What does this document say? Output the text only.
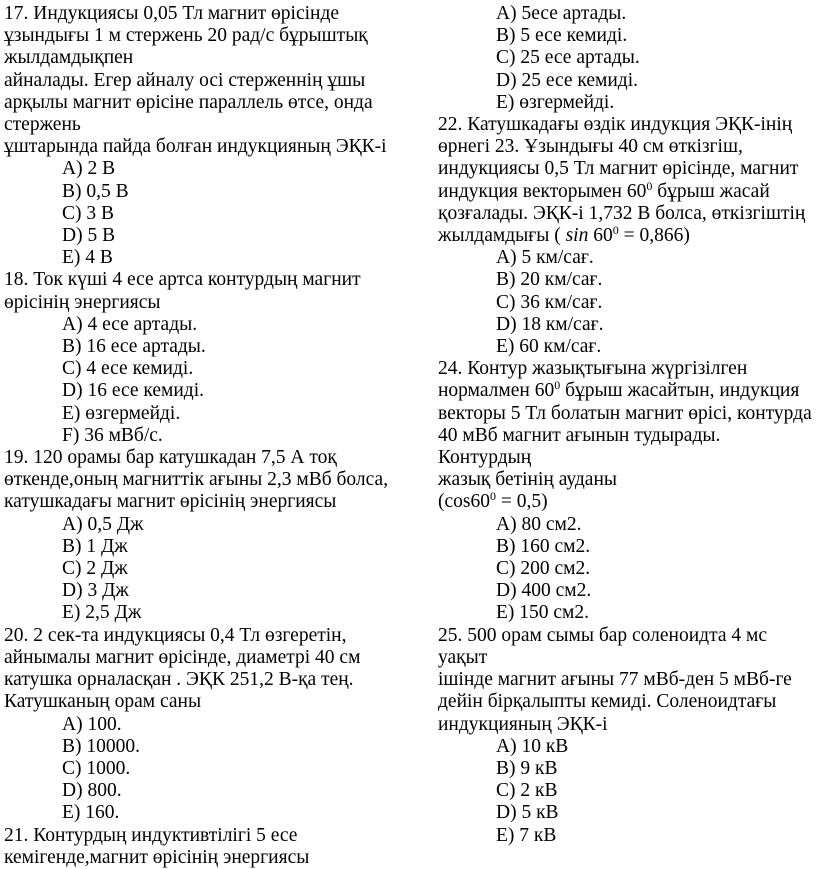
17. Индукциясы 0,05 Тл магнит өрісінде

ұзындығы 1 м стержень 20 рад/с бұрыштық

жылдамдықпен

айналады. Егер айналу осі стерженнің ұшы

арқылы магнит өрісіне параллель өтсе, онда

стержень

ұштарында пайда болған индукцияның ЭҚК-і

A) 2 В

B) 0,5 В

C) 3 В

D) 5 В

E) 4 В

18. Ток күші 4 есе артса контурдың магнит

өрісінің энергиясы

A) 4 есе артады.

B) 16 есе артады.

C) 4 есе кемиді.

D) 16 есе кемиді.

E) өзгермейді.

F) 36 мВб/с.

19. 120 орамы бар катушкадан 7,5 А тоқ

өткенде,оның магниттік ағыны 2,3 мВб болса,

катушкадағы магнит өрісінің энергиясы

A) 0,5 Дж

B) 1 Дж

C) 2 Дж

D) 3 Дж

E) 2,5 Дж

20. 2 сек-та индукциясы 0,4 Тл өзгеретін,

айнымалы магнит өрісінде, диаметрі 40 см

катушка орналасқан . ЭҚК 251,2 В-қа тең.

Катушканың орам саны

A) 100.

B) 10000.

C) 1000.

D) 800.

E) 160.

21. Контурдың индуктивтілігі 5 есе

кемігенде,магнит өрісінің энергиясы

A) 5есе артады.

B) 5 есе кемиді.

C) 25 есе артады.

D) 25 есе кемиді.

E) өзгермейді.

22. Катушкадағы өздік индукция ЭҚК-інің

өрнегі 23. Ұзындығы 40 см өткізгіш,

индукциясы 0,5 Тл магнит өрісінде, магнит

индукция векторымен $60^0$ бұрыш жасай

қозғалады. ЭҚК-і 1,732 В болса, өткізгіштің

жылдамдығы ( $\sin 60^0 = 0,866$)

A) 5 км/сағ.

B) 20 км/сағ.

C) 36 км/сағ.

D) 18 км/сағ.

E) 60 км/сағ.

24. Контур жазықтығына жүргізілген

нормалмен $60^0$ бұрыш жасайтын, индукция

векторы 5 Тл болатын магнит өрісі, контурда

40 мВб магнит ағынын тудырады. Контурдың

жазық бетінің ауданы

$(\cos 60^0 = 0,5)$

A) 80 см2.

B) 160 см2.

C) 200 см2.

D) 400 см2.

E) 150 см2.

25. 500 орам сымы бар соленоидта 4 мс уақыт

ішінде магнит ағыны 77 мВб-ден 5 мВб-ге

дейін бірқалыпты кемиді. Соленоидтағы

индукцияның ЭҚК-і

A) 10 кВ

B) 9 кВ

C) 2 кВ

D) 5 кВ

E) 7 кВ
